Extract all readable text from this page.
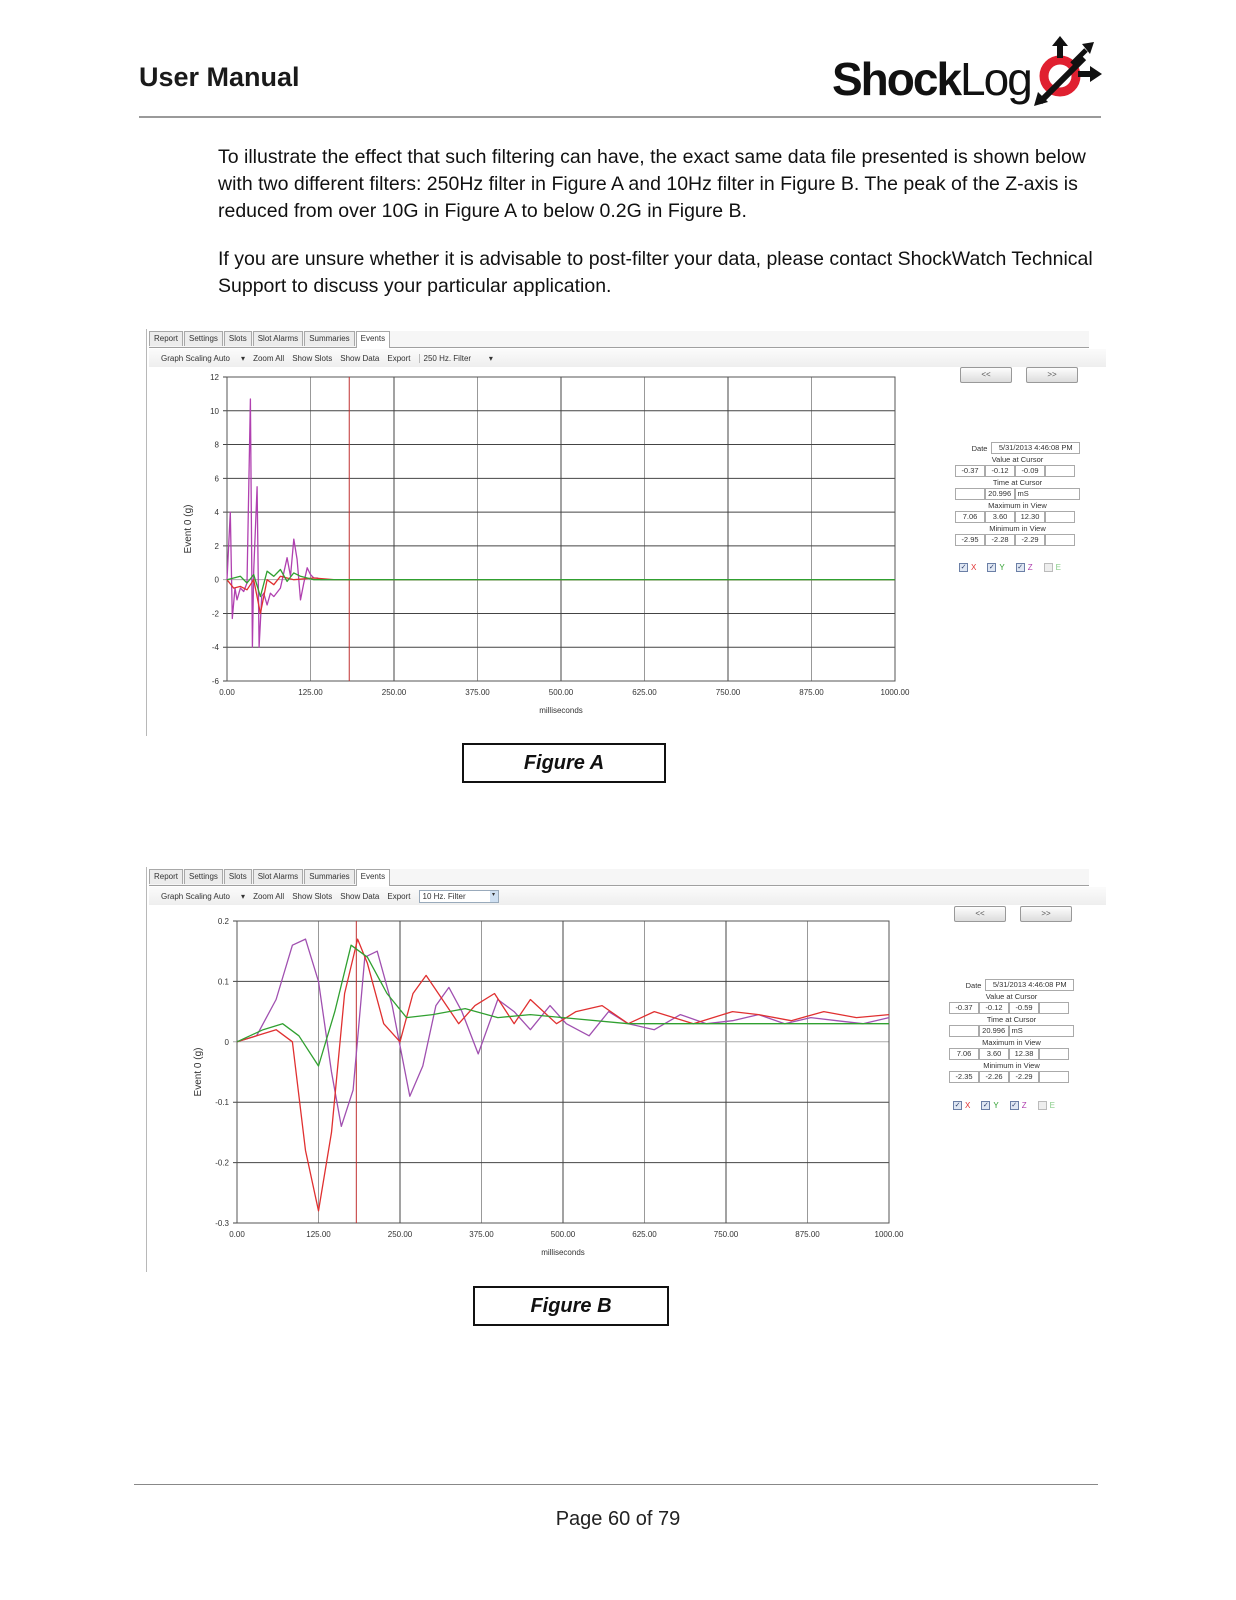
User Manual	ShockLog
To illustrate the effect that such filtering can have, the exact same data file presented is shown below with two different filters: 250Hz filter in Figure A and 10Hz filter in Figure B. The peak of the Z-axis is reduced from over 10G in Figure A to below 0.2G in Figure B.
If you are unsure whether it is advisable to post-filter your data, please contact ShockWatch Technical Support to discuss your particular application.
Report	Settings	Slots	Slot Alarms	Summaries	Events
Graph Scaling Auto     ▾ Zoom All Show Slots Show Data Export	250 Hz. Filter        ▾
0.00	125.00	250.00	375.00	500.00	625.00	750.00	875.00	1000.00
12
10
8
6
4
2
0
-2
-4
-6
milliseconds
Event 0 (g)
<<	>>
Date	5/31/2013 4:46:08 PM
Value at Cursor
-0.37	-0.12	-0.09
Time at Cursor
20.996 mS
Maximum in View
7.06	3.60	12.30
Minimum in View
-2.95	-2.28	-2.29
✓ X ✓ Y ✓ Z	E
Figure A
Report	Settings	Slots	Slot Alarms	Summaries	Events
Graph Scaling Auto     ▾ Zoom All Show Slots Show Data Export	10 Hz. Filter	▾
0.00	125.00	250.00	375.00	500.00	625.00	750.00	875.00	1000.00
0.2
0.1
0
-0.1
-0.2
-0.3
milliseconds
Event 0 (g)
<<	>>
Date	5/31/2013 4:46:08 PM
Value at Cursor
-0.37	-0.12	-0.59
Time at Cursor
20.996 mS
Maximum in View
7.06	3.60	12.38
Minimum in View
-2.35	-2.26	-2.29
✓ X ✓ Y ✓ Z	E
Figure B
Page 60 of 79
